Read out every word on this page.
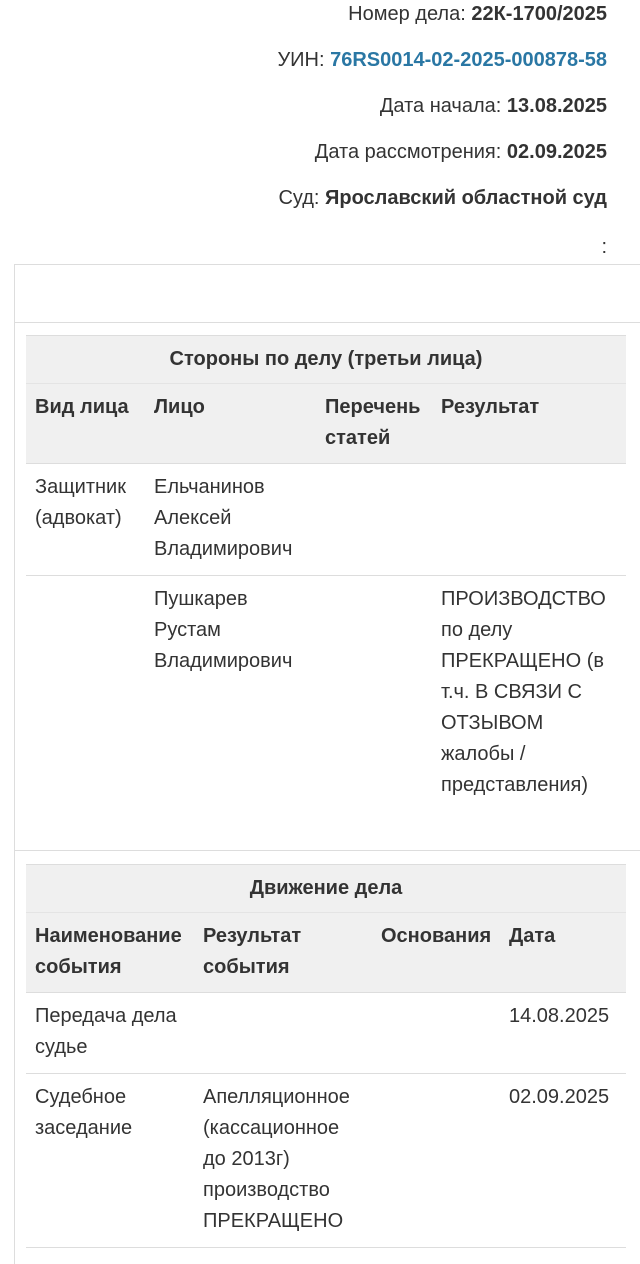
Номер дела: 22К-1700/2025
УИН: 76RS0014-02-2025-000878-58
Дата начала: 13.08.2025
Дата рассмотрения: 02.09.2025
Суд: Ярославский областной суд
:
Стороны по делу (третьи лица)			
Вид лица	Лицо	Перечень статей	Результат
Защитник (адвокат)	Ельчанинов Алексей Владимирович		
	Пушкарев Рустам Владимирович		ПРОИЗВОДСТВО по делу ПРЕКРАЩЕНО (в т.ч. В СВЯЗИ С ОТЗЫВОМ жалобы / представления)
Движение дела			
Наименование события	Результат события	Основания	Дата
Передача дела судье			14.08.2025
Судебное заседание	Апелляционное (кассационное до 2013г) производство ПРЕКРАЩЕНО		02.09.2025
